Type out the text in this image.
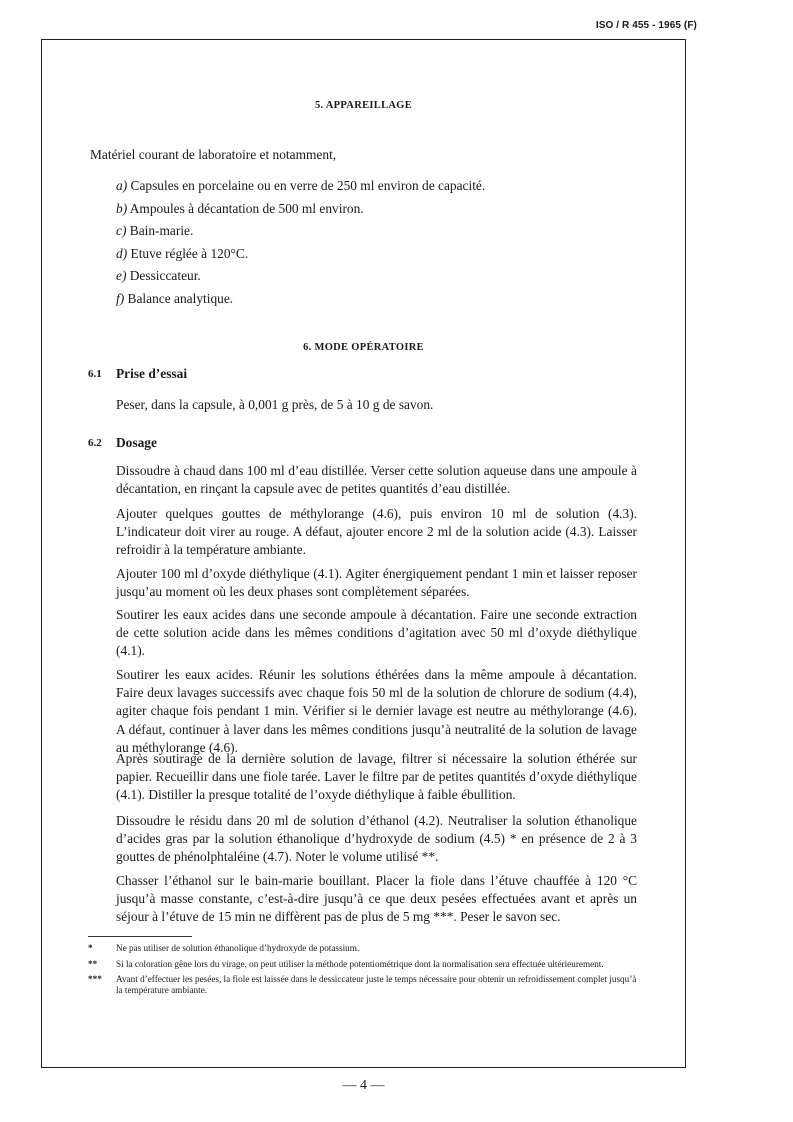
ISO / R 455 - 1965 (F)
5. APPAREILLAGE
Matériel courant de laboratoire et notamment,
a) Capsules en porcelaine ou en verre de 250 ml environ de capacité.
b) Ampoules à décantation de 500 ml environ.
c) Bain-marie.
d) Etuve réglée à 120°C.
e) Dessiccateur.
f) Balance analytique.
6. MODE OPÉRATOIRE
6.1 Prise d’essai

Peser, dans la capsule, à 0,001 g près, de 5 à 10 g de savon.

6.2 Dosage

Dissoudre à chaud dans 100 ml d’eau distillée. Verser cette solution aqueuse dans une ampoule à décantation, en rinçant la capsule avec de petites quantités d’eau distillée.

Ajouter quelques gouttes de méthylorange (4.6), puis environ 10 ml de solution (4.3). L’indicateur doit virer au rouge. A défaut, ajouter encore 2 ml de la solution acide (4.3). Laisser refroidir à la température ambiante.

Ajouter 100 ml d’oxyde diéthylique (4.1). Agiter énergiquement pendant 1 min et laisser reposer jusqu’au moment où les deux phases sont complètement séparées.

Soutirer les eaux acides dans une seconde ampoule à décantation. Faire une seconde extraction de cette solution acide dans les mêmes conditions d’agitation avec 50 ml d’oxyde diéthylique (4.1).

Soutirer les eaux acides. Réunir les solutions éthérées dans la même ampoule à décantation. Faire deux lavages successifs avec chaque fois 50 ml de la solution de chlorure de sodium (4.4), agiter chaque fois pendant 1 min. Vérifier si le dernier lavage est neutre au méthylorange (4.6). A défaut, continuer à laver dans les mêmes conditions jusqu’à neutralité de la solution de lavage au méthylorange (4.6).

Après soutirage de la dernière solution de lavage, filtrer si nécessaire la solution éthérée sur papier. Recueillir dans une fiole tarée. Laver le filtre par de petites quantités d’oxyde diéthylique (4.1). Distiller la presque totalité de l’oxyde diéthylique à faible ébullition.

Dissoudre le résidu dans 20 ml de solution d’éthanol (4.2). Neutraliser la solution éthanolique d’acides gras par la solution éthanolique d’hydroxyde de sodium (4.5) * en présence de 2 à 3 gouttes de phénolphtaléine (4.7). Noter le volume utilisé **.

Chasser l’éthanol sur le bain-marie bouillant. Placer la fiole dans l’étuve chauffée à 120 °C jusqu’à masse constante, c’est-à-dire jusqu’à ce que deux pesées effectuées avant et après un séjour à l’étuve de 15 min ne diffèrent pas de plus de 5 mg ***. Peser le savon sec.

*	Ne pas utiliser de solution éthanolique d’hydroxyde de potassium.
** Si la coloration gêne lors du virage, on peut utiliser la méthode potentiométrique dont la normalisation sera effectuée ultérieurement.
*** Avant d’effectuer les pesées, la fiole est laissée dans le dessiccateur juste le temps nécessaire pour obtenir un refroidissement complet jusqu’à la température ambiante.
— 4 —
